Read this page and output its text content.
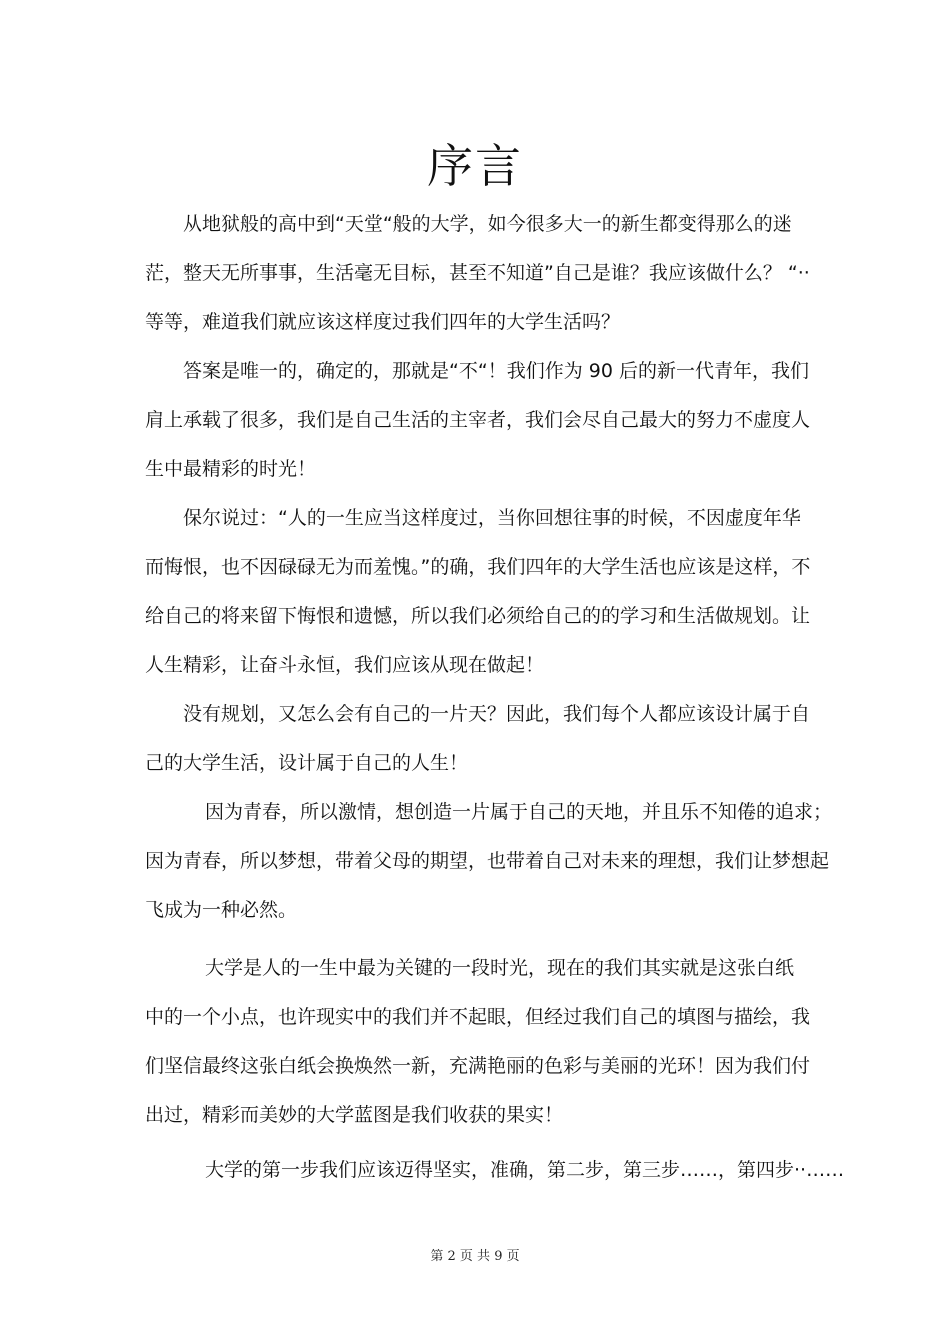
序言
从地狱般的高中到“天堂“般的大学，如今很多大一的新生都变得那么的迷
茫，整天无所事事，生活毫无目标，甚至不知道”自己是谁？我应该做什么？ “··
等等，难道我们就应该这样度过我们四年的大学生活吗？
答案是唯一的，确定的，那就是“不“！我们作为 90 后的新一代青年，我们
肩上承载了很多，我们是自己生活的主宰者，我们会尽自己最大的努力不虚度人
生中最精彩的时光！
保尔说过：“人的一生应当这样度过，当你回想往事的时候，不因虚度年华
而悔恨，也不因碌碌无为而羞愧。”的确，我们四年的大学生活也应该是这样，不
给自己的将来留下悔恨和遗憾，所以我们必须给自己的的学习和生活做规划。让
人生精彩，让奋斗永恒，我们应该从现在做起！
没有规划，又怎么会有自己的一片天？因此，我们每个人都应该设计属于自
己的大学生活，设计属于自己的人生！
因为青春，所以激情，想创造一片属于自己的天地，并且乐不知倦的追求；
因为青春，所以梦想，带着父母的期望，也带着自己对未来的理想，我们让梦想起
飞成为一种必然。
大学是人的一生中最为关键的一段时光，现在的我们其实就是这张白纸
中的一个小点，也许现实中的我们并不起眼，但经过我们自己的填图与描绘，我
们坚信最终这张白纸会换焕然一新，充满艳丽的色彩与美丽的光环！因为我们付
出过，精彩而美妙的大学蓝图是我们收获的果实！
大学的第一步我们应该迈得坚实，准确，第二步，第三步……，第四步··……
第 2 页 共 9 页
